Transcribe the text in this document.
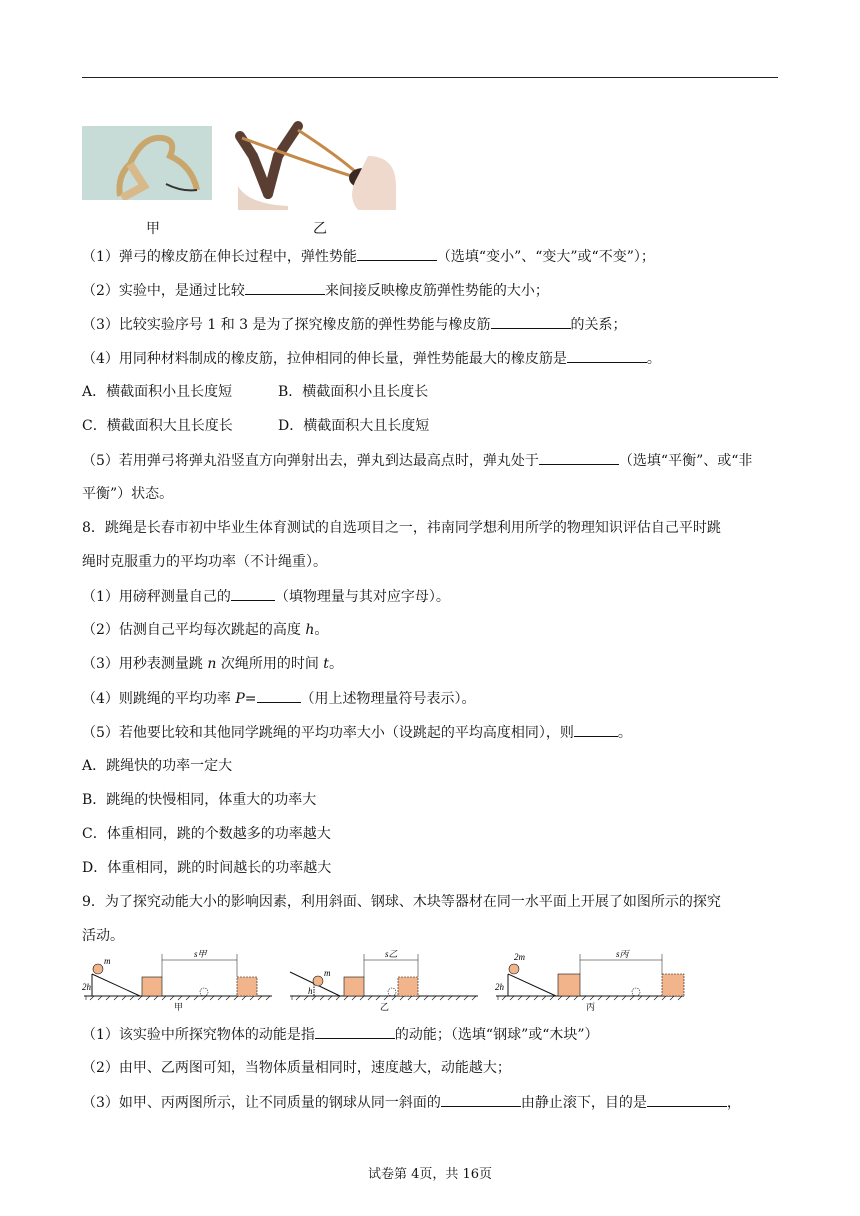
甲	乙
（1）弹弓的橡皮筋在伸长过程中，弹性势能	（选填“变小”、“变大”或“不变”）；
（2）实验中，是通过比较	来间接反映橡皮筋弹性势能的大小；
（3）比较实验序号 1 和 3 是为了探究橡皮筋的弹性势能与橡皮筋	的关系；
（4）用同种材料制成的橡皮筋，拉伸相同的伸长量，弹性势能最大的橡皮筋是	。
A．横截面积小且长度短	B．横截面积小且长度长
C．横截面积大且长度长	D．横截面积大且长度短
（5）若用弹弓将弹丸沿竖直方向弹射出去，弹丸到达最高点时，弹丸处于	（选填“平衡”、或“非
平衡”）状态。
8．跳绳是长春市初中毕业生体育测试的自选项目之一，祎南同学想利用所学的物理知识评估自己平时跳
绳时克服重力的平均功率（不计绳重）。
（1）用磅秤测量自己的	（填物理量与其对应字母）。
（2）估测自己平均每次跳起的高度 h。
（3）用秒表测量跳 n 次绳所用的时间 t。
（4）则跳绳的平均功率 P=	（用上述物理量符号表示）。
（5）若他要比较和其他同学跳绳的平均功率大小（设跳起的平均高度相同），则	。
A．跳绳快的功率一定大
B．跳绳的快慢相同，体重大的功率大
C．体重相同，跳的个数越多的功率越大
D．体重相同，跳的时间越长的功率越大
9．为了探究动能大小的影响因素，利用斜面、钢球、木块等器材在同一水平面上开展了如图所示的探究
活动。
m
2h
s甲
甲
m
h
s乙
乙
2m
2h
s丙
丙
（1）该实验中所探究物体的动能是指	的动能；（选填“钢球”或“木块”）
（2）由甲、乙两图可知，当物体质量相同时，速度越大，动能越大；
（3）如甲、丙两图所示，让不同质量的钢球从同一斜面的	由静止滚下，目的是	，
试卷第 4页，共 16页
